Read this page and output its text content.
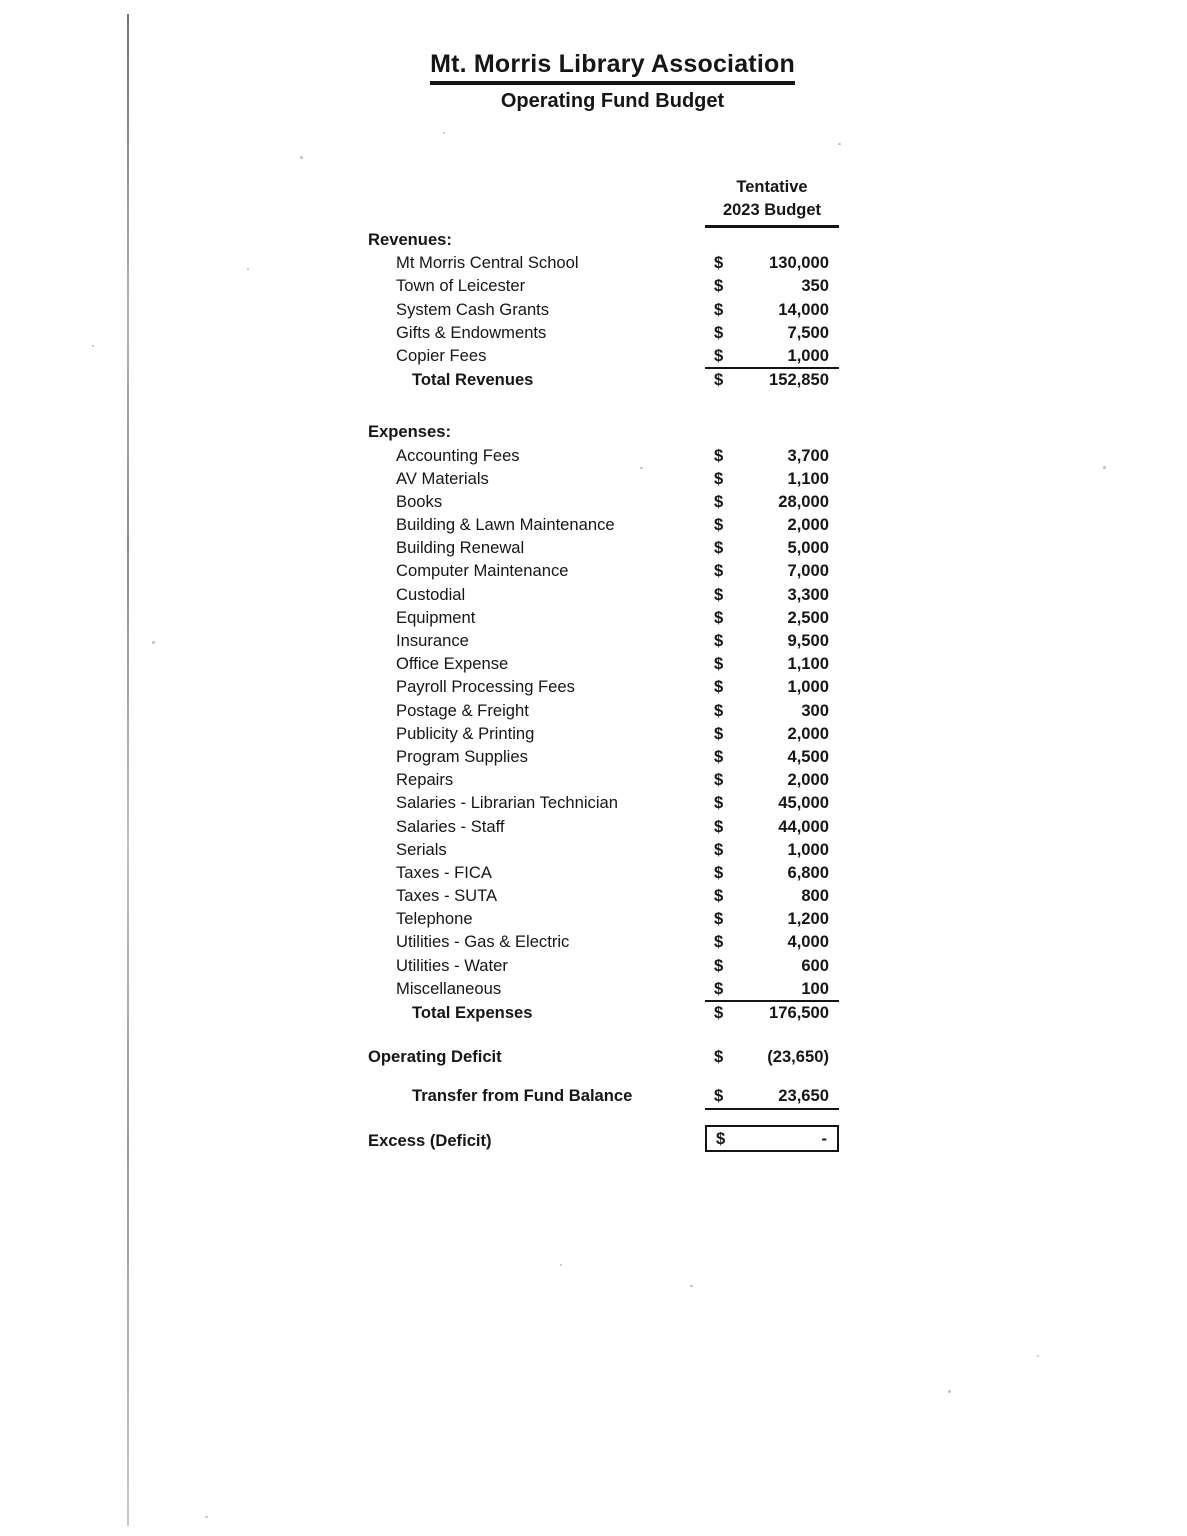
Mt. Morris Library Association
Operating Fund Budget
Tentative
2023 Budget
Revenues:
Mt Morris Central School	$	130,000
Town of Leicester	$	350
System Cash Grants	$	14,000
Gifts & Endowments	$	7,500
Copier Fees	$	1,000
Total Revenues	$	152,850
Expenses:
Accounting Fees	$	3,700
AV Materials	$	1,100
Books	$	28,000
Building & Lawn Maintenance	$	2,000
Building Renewal	$	5,000
Computer Maintenance	$	7,000
Custodial	$	3,300
Equipment	$	2,500
Insurance	$	9,500
Office Expense	$	1,100
Payroll Processing Fees	$	1,000
Postage & Freight	$	300
Publicity & Printing	$	2,000
Program Supplies	$	4,500
Repairs	$	2,000
Salaries - Librarian Technician	$	45,000
Salaries - Staff	$	44,000
Serials	$	1,000
Taxes - FICA	$	6,800
Taxes - SUTA	$	800
Telephone	$	1,200
Utilities - Gas & Electric	$	4,000
Utilities - Water	$	600
Miscellaneous	$	100
Total Expenses	$	176,500
Operating Deficit	$	(23,650)
Transfer from Fund Balance	$	23,650
Excess (Deficit)	$	-
